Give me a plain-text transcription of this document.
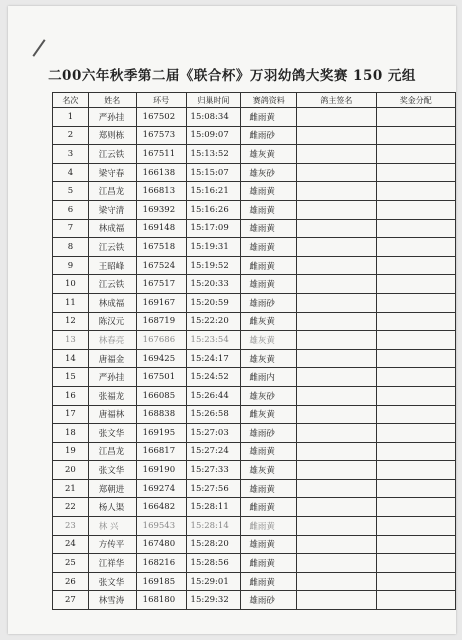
二00六年秋季第二届《联合杯》万羽幼鸽大奖赛 150 元组
名次	姓名	环号	归巢时间	赛鸽资料	鸽主签名	奖金分配
1	严孙挂	167502	15:08:34	雌雨黄		
2	郑则栋	167573	15:09:07	雌雨砂		
3	江云铁	167511	15:13:52	雄灰黄		
4	梁守春	166138	15:15:07	雄灰砂		
5	江昌龙	166813	15:16:21	雄雨黄		
6	梁守清	169392	15:16:26	雄雨黄		
7	林成福	169148	15:17:09	雄雨黄		
8	江云铁	167518	15:19:31	雄雨黄		
9	王昭峰	167524	15:19:52	雌雨黄		
10	江云铁	167517	15:20:33	雄雨黄		
11	林成福	169167	15:20:59	雄雨砂		
12	陈汉元	168719	15:22:20	雌灰黄		
13	林春亮	167686	15:23:54	雄灰黄		
14	唐福金	169425	15:24:17	雄灰黄		
15	严孙挂	167501	15:24:52	雌雨内		
16	张福龙	166085	15:26:44	雄灰砂		
17	唐福林	168838	15:26:58	雌灰黄		
18	张文华	169195	15:27:03	雄雨砂		
19	江昌龙	166817	15:27:24	雄雨黄		
20	张文华	169190	15:27:33	雄灰黄		
21	郑朝进	169274	15:27:56	雄雨黄		
22	杨人渠	166482	15:28:11	雌雨黄		
23	林 兴	169543	15:28:14	雌雨黄		
24	方传平	167480	15:28:20	雄雨黄		
25	江祥华	168216	15:28:56	雌雨黄		
26	张文华	169185	15:29:01	雌雨黄		
27	林雪涛	168180	15:29:32	雄雨砂		
